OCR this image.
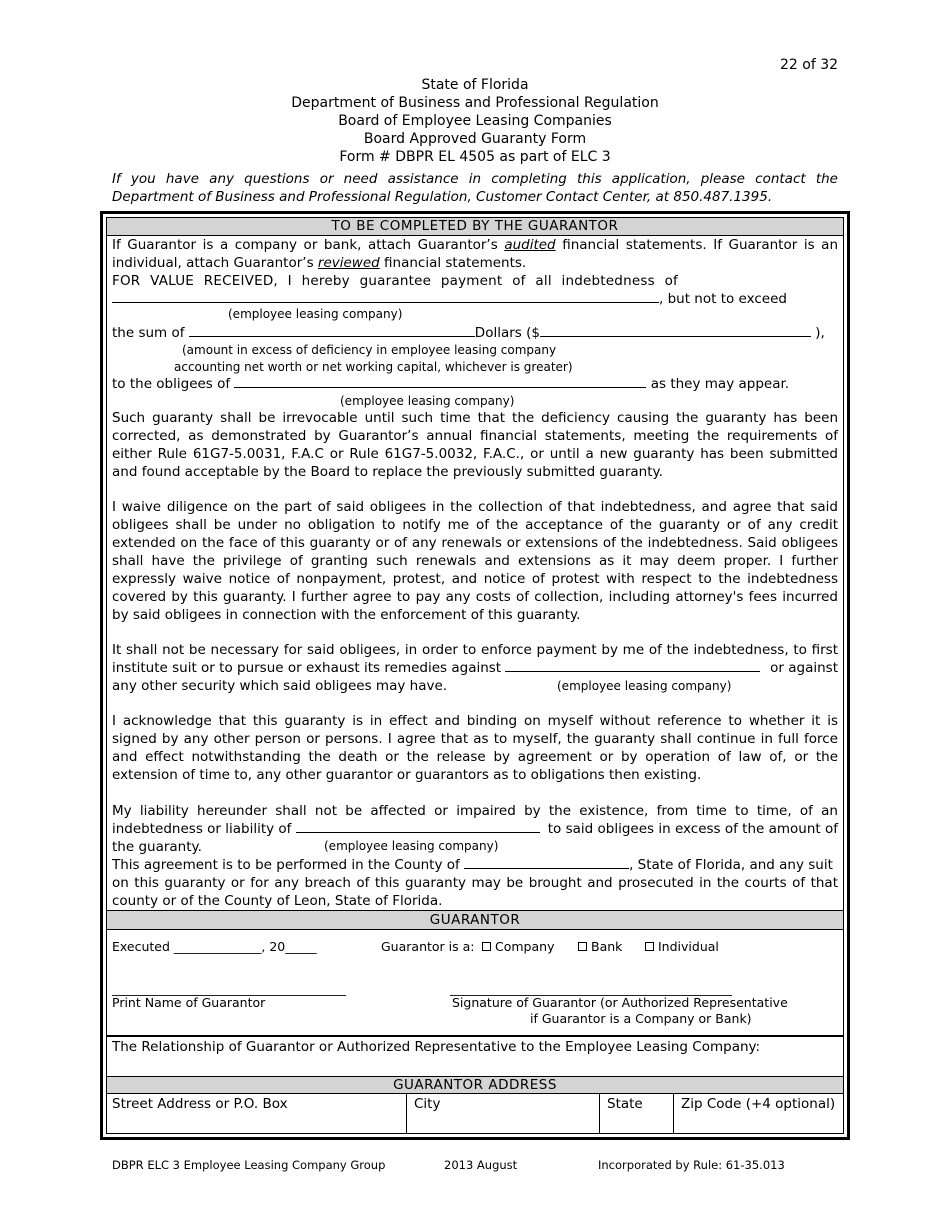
22 of 32
State of Florida
Department of Business and Professional Regulation
Board of Employee Leasing Companies
Board Approved Guaranty Form
Form # DBPR EL 4505 as part of ELC 3
If you have any questions or need assistance in completing this application, please contact the Department of Business and Professional Regulation, Customer Contact Center, at 850.487.1395.
TO BE COMPLETED BY THE GUARANTOR
If Guarantor is a company or bank, attach Guarantor’s audited financial statements. If Guarantor is an individual, attach Guarantor’s reviewed financial statements.
FOR VALUE RECEIVED, I hereby guarantee payment of all indebtedness of
, but not to exceed
(employee leasing company)
the sum of	Dollars ($	),
(amount in excess of deficiency in employee leasing company
accounting net worth or net working capital, whichever is greater)
to the obligees of	as they may appear.
(employee leasing company)
Such guaranty shall be irrevocable until such time that the deficiency causing the guaranty has been corrected, as demonstrated by Guarantor’s annual financial statements, meeting the requirements of either Rule 61G7-5.0031, F.A.C or Rule 61G7-5.0032, F.A.C., or until a new guaranty has been submitted and found acceptable by the Board to replace the previously submitted guaranty.
I waive diligence on the part of said obligees in the collection of that indebtedness, and agree that said obligees shall be under no obligation to notify me of the acceptance of the guaranty or of any credit extended on the face of this guaranty or of any renewals or extensions of the indebtedness. Said obligees shall have the privilege of granting such renewals and extensions as it may deem proper. I further expressly waive notice of nonpayment, protest, and notice of protest with respect to the indebtedness covered by this guaranty. I further agree to pay any costs of collection, including attorney's fees incurred by said obligees in connection with the enforcement of this guaranty.
It shall not be necessary for said obligees, in order to enforce payment by me of the indebtedness, to first
institute suit or to pursue or exhaust its remedies against	or against
any other security which said obligees may have.	(employee leasing company)
I acknowledge that this guaranty is in effect and binding on myself without reference to whether it is signed by any other person or persons. I agree that as to myself, the guaranty shall continue in full force and effect notwithstanding the death or the release by agreement or by operation of law of, or the extension of time to, any other guarantor or guarantors as to obligations then existing.
My liability hereunder shall not be affected or impaired by the existence, from time to time, of an
indebtedness or liability of	to said obligees in excess of the amount of
the guaranty.	(employee leasing company)
This agreement is to be performed in the County of	, State of Florida, and any suit
on this guaranty or for any breach of this guaranty may be brought and prosecuted in the courts of that county or of the County of Leon, State of Florida.
GUARANTOR
Executed ______________, 20_____	Guarantor is a:	Company	Bank	Individual
_______________________________________	_______________________________________________
Print Name of Guarantor	Signature of Guarantor (or Authorized Representative
if Guarantor is a Company or Bank)
The Relationship of Guarantor or Authorized Representative to the Employee Leasing Company:
GUARANTOR ADDRESS
Street Address or P.O. Box	City	State	Zip Code (+4 optional)
DBPR ELC 3 Employee Leasing Company Group	2013 August	Incorporated by Rule: 61-35.013
